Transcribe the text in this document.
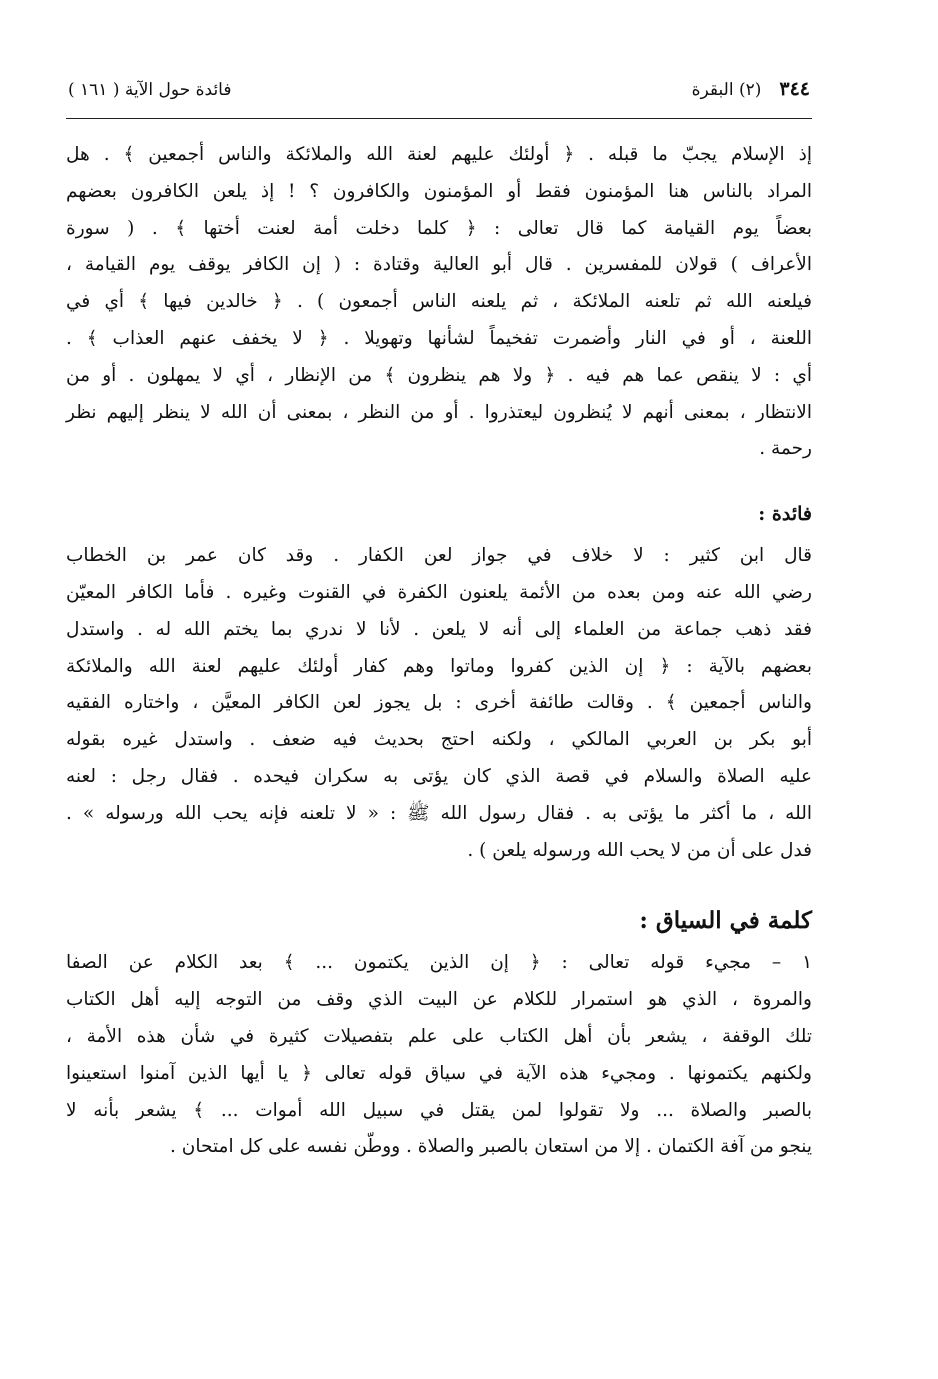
٣٤٤
(٢) البقرة
فائدة حول الآية ( ١٦١ )

إذ الإسلام يجبّ ما قبله . ﴿ أولئك عليهم لعنة الله والملائكة والناس أجمعين ﴾ . هل
المراد بالناس هنا المؤمنون فقط أو المؤمنون والكافرون ؟ ! إذ يلعن الكافرون بعضهم
بعضاً يوم القيامة كما قال تعالى : ﴿ كلما دخلت أمة لعنت أختها ﴾ . ( سورة
الأعراف ) قولان للمفسرين . قال أبو العالية وقتادة : ( إن الكافر يوقف يوم القيامة ،
فيلعنه الله ثم تلعنه الملائكة ، ثم يلعنه الناس أجمعون ) . ﴿ خالدين فيها ﴾ أي في
اللعنة ، أو في النار وأضمرت تفخيماً لشأنها وتهويلا . ﴿ لا يخفف عنهم العذاب ﴾ .
أي : لا ينقص عما هم فيه . ﴿ ولا هم ينظرون ﴾ من الإنظار ، أي لا يمهلون . أو من
الانتظار ، بمعنى أنهم لا يُنظرون ليعتذروا . أو من النظر ، بمعنى أن الله لا ينظر إليهم نظر
رحمة .

فائدة :

قال ابن كثير : لا خلاف في جواز لعن الكفار . وقد كان عمر بن الخطاب
رضي الله عنه ومن بعده من الأئمة يلعنون الكفرة في القنوت وغيره . فأما الكافر المعيّن
فقد ذهب جماعة من العلماء إلى أنه لا يلعن . لأنا لا ندري بما يختم الله له . واستدل
بعضهم بالآية : ﴿ إن الذين كفروا وماتوا وهم كفار أولئك عليهم لعنة الله والملائكة
والناس أجمعين ﴾ . وقالت طائفة أخرى : بل يجوز لعن الكافر المعيَّن ، واختاره الفقيه
أبو بكر بن العربي المالكي ، ولكنه احتج بحديث فيه ضعف . واستدل غيره بقوله
عليه الصلاة والسلام في قصة الذي كان يؤتى به سكران فيحده . فقال رجل : لعنه
الله ، ما أكثر ما يؤتى به . فقال رسول الله ﷺ : « لا تلعنه فإنه يحب الله ورسوله » .
فدل على أن من لا يحب الله ورسوله يلعن ) .

كلمة في السياق :

١ – مجيء قوله تعالى : ﴿ إن الذين يكتمون ... ﴾ بعد الكلام عن الصفا
والمروة ، الذي هو استمرار للكلام عن البيت الذي وقف من التوجه إليه أهل الكتاب
تلك الوقفة ، يشعر بأن أهل الكتاب على علم بتفصيلات كثيرة في شأن هذه الأمة ،
ولكنهم يكتمونها . ومجيء هذه الآية في سياق قوله تعالى ﴿ يا أيها الذين آمنوا استعينوا
بالصبر والصلاة ... ولا تقولوا لمن يقتل في سبيل الله أموات ... ﴾ يشعر بأنه لا
ينجو من آفة الكتمان . إلا من استعان بالصبر والصلاة . ووطّن نفسه على كل امتحان .
